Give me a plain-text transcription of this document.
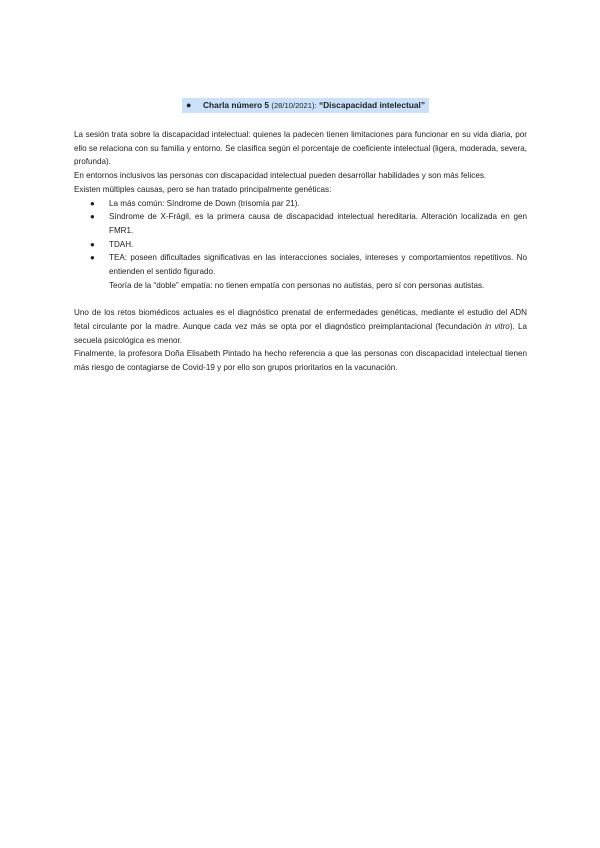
● Charla número 5 (28/10/2021): “Discapacidad intelectual”

La sesión trata sobre la discapacidad intelectual: quienes la padecen tienen limitaciones para funcionar en su vida diaria, por ello se relaciona con su familia y entorno. Se clasifica según el porcentaje de coeficiente intelectual (ligera, moderada, severa, profunda).

En entornos inclusivos las personas con discapacidad intelectual pueden desarrollar habilidades y son más felices.

Existen múltiples causas, pero se han tratado principalmente genéticas:

● La más común: Síndrome de Down (trisomía par 21).
● Síndrome de X-Frágil, es la primera causa de discapacidad intelectual hereditaria. Alteración localizada en gen FMR1.
● TDAH.
● TEA: poseen dificultades significativas en las interacciones sociales, intereses y comportamientos repetitivos. No entienden el sentido figurado.

Teoría de la “doble” empatía: no tienen empatía con personas no autistas, pero sí con personas autistas.

Uno de los retos biomédicos actuales es el diagnóstico prenatal de enfermedades genéticas, mediante el estudio del ADN fetal circulante por la madre. Aunque cada vez más se opta por el diagnóstico preimplantacional (fecundación in vitro). La secuela psicológica es menor.

Finalmente, la profesora Doña Elisabeth Pintado ha hecho referencia a que las personas con discapacidad intelectual tienen más riesgo de contagiarse de Covid-19 y por ello son grupos prioritarios en la vacunación.
